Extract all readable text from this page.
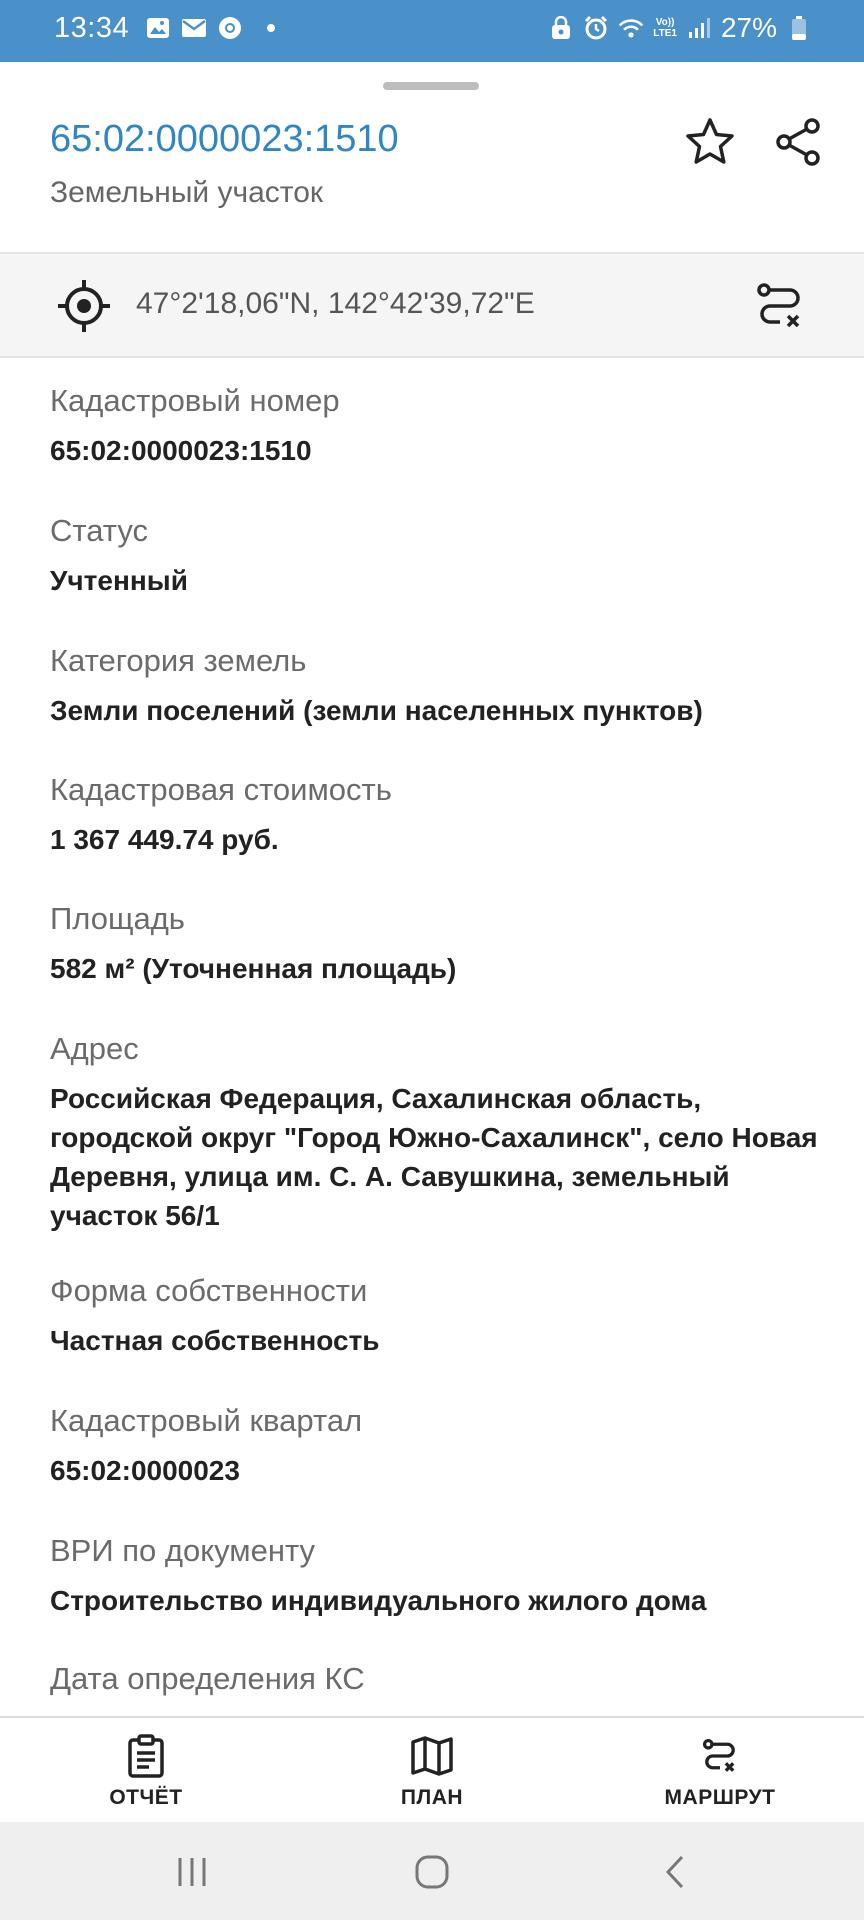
13:34	Vo))
LTE1 27%
65:02:0000023:1510
Земельный участок
47°2'18,06"N, 142°42'39,72"E
Кадастровый номер
65:02:0000023:1510
Статус
Учтенный
Категория земель
Земли поселений (земли населенных пунктов)
Кадастровая стоимость
1 367 449.74 руб.
Площадь
582 м² (Уточненная площадь)
Адрес
Российская Федерация, Сахалинская область, городской округ "Город Южно-Сахалинск", село Новая Деревня, улица им. С. А. Савушкина, земельный участок 56/1
Форма собственности
Частная собственность
Кадастровый квартал
65:02:0000023
ВРИ по документу
Строительство индивидуального жилого дома
Дата определения КС
ОТЧЁТ	ПЛАН	МАРШРУТ
